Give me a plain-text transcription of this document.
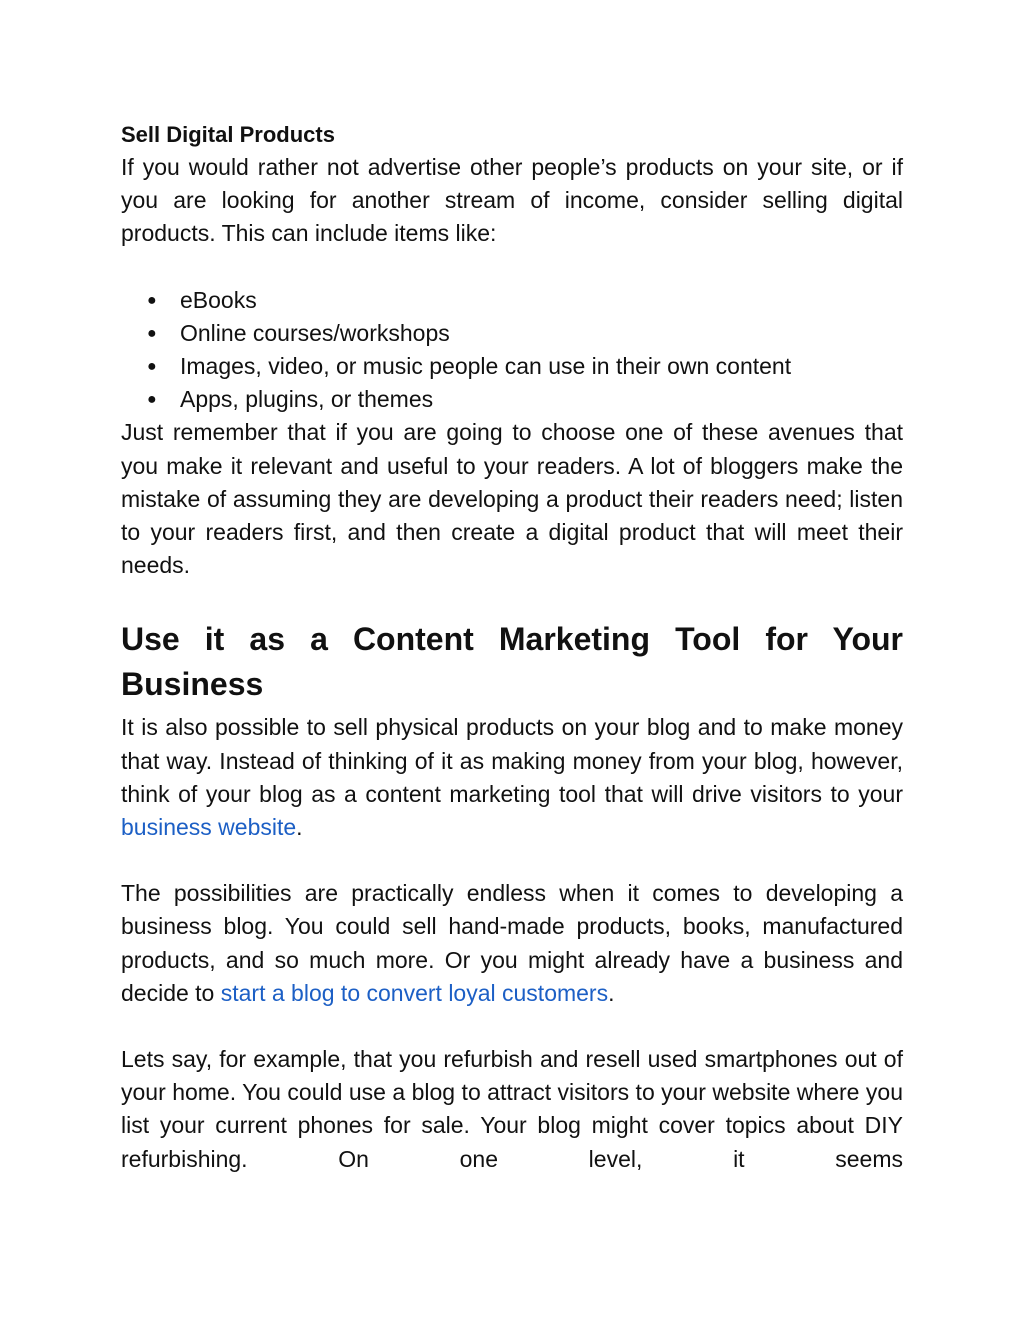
Sell Digital Products

If you would rather not advertise other people’s products on your site, or if you are looking for another stream of income, consider selling digital products. This can include items like:

● eBooks
● Online courses/workshops
● Images, video, or music people can use in their own content
● Apps, plugins, or themes

Just remember that if you are going to choose one of these avenues that you make it relevant and useful to your readers. A lot of bloggers make the mistake of assuming they are developing a product their readers need; listen to your readers first, and then create a digital product that will meet their needs.

Use it as a Content Marketing Tool for Your
Business

It is also possible to sell physical products on your blog and to make money that way. Instead of thinking of it as making money from your blog, however, think of your blog as a content marketing tool that will drive visitors to your business website.

The possibilities are practically endless when it comes to developing a business blog. You could sell hand-made products, books, manufactured products, and so much more. Or you might already have a business and decide to start a blog to convert loyal customers.

Lets say, for example, that you refurbish and resell used smartphones out of your home. You could use a blog to attract visitors to your website where you list your current phones for sale. Your blog might cover topics about DIY refurbishing. On one level, it seems
